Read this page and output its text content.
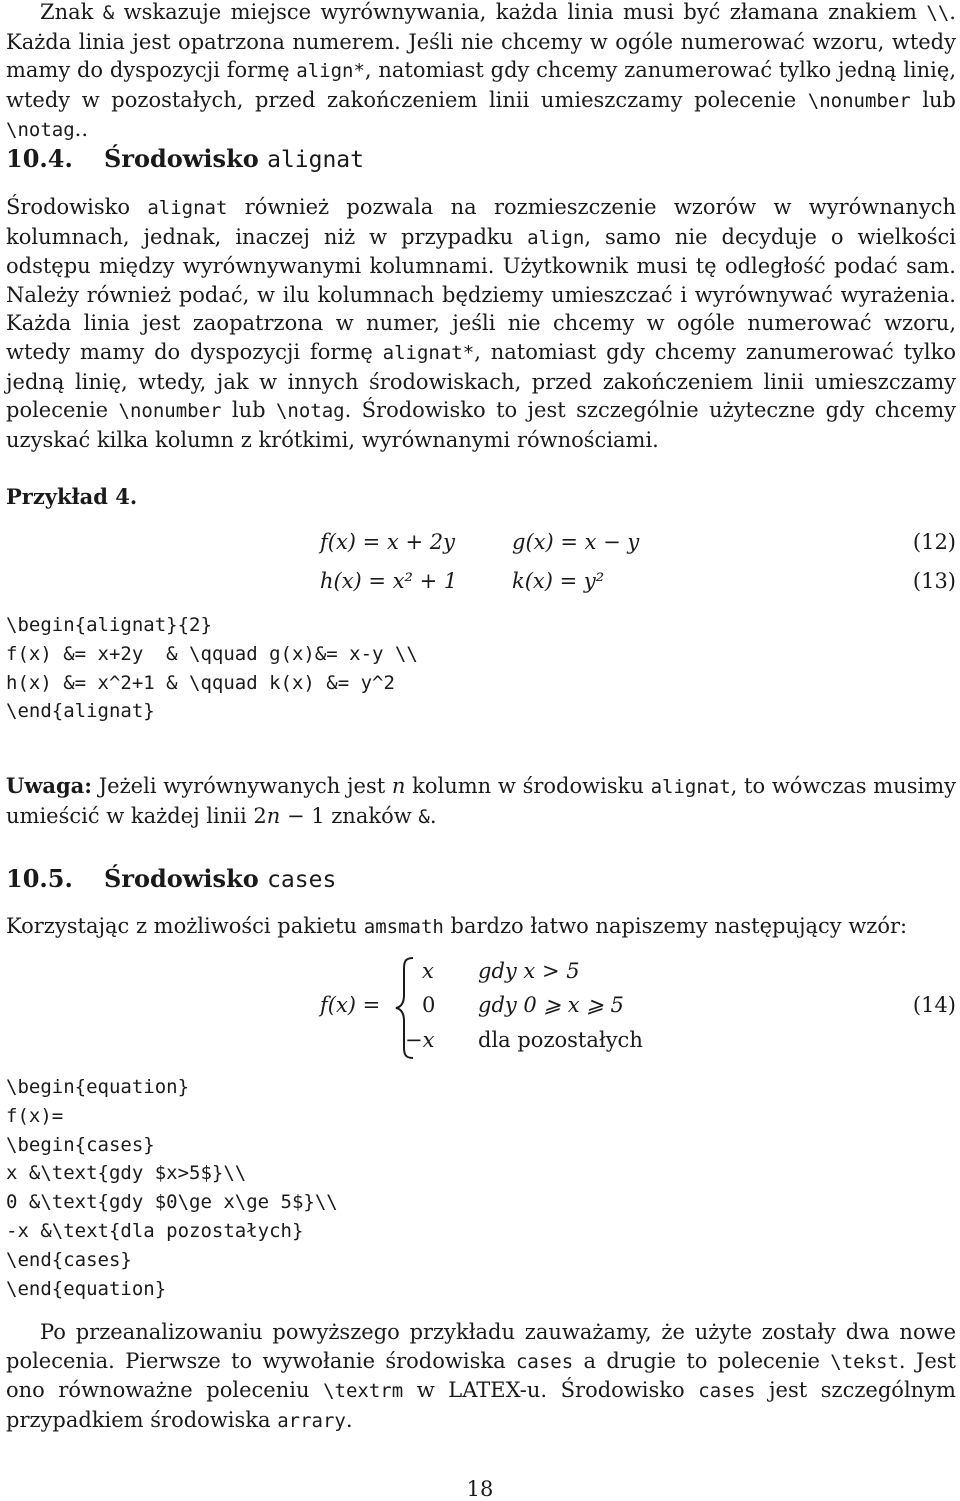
Znak & wskazuje miejsce wyrównywania, każda linia musi być złamana znakiem \\. Każda linia jest opatrzona numerem. Jeśli nie chcemy w ogóle numerować wzoru, wtedy mamy do dyspozycji formę align*, natomiast gdy chcemy zanumerować tylko jedną linię, wtedy w pozostałych, przed zakończeniem linii umieszczamy polecenie \nonumber lub \notag..
10.4. Środowisko alignat
Środowisko alignat również pozwala na rozmieszczenie wzorów w wyrównanych kolumnach, jednak, inaczej niż w przypadku align, samo nie decyduje o wielkości odstępu między wyrównywanymi kolumnami. Użytkownik musi tę odległość podać sam. Należy również podać, w ilu kolumnach będziemy umieszczać i wyrównywać wyrażenia. Każda linia jest zaopatrzona w numer, jeśli nie chcemy w ogóle numerować wzoru, wtedy mamy do dyspozycji formę alignat*, natomiast gdy chcemy zanumerować tylko jedną linię, wtedy, jak w innych środowiskach, przed zakończeniem linii umieszczamy polecenie \nonumber lub \notag. Środowisko to jest szczególnie użyteczne gdy chcemy uzyskać kilka kolumn z krótkimi, wyrównanymi równościami.
Przykład 4.
f(x) = x + 2y	g(x) = x − y	(12)
h(x) = x² + 1	k(x) = y²	(13)
\begin{alignat}{2}
f(x) &= x+2y  & \qquad g(x)&= x-y \\
h(x) &= x^2+1 & \qquad k(x) &= y^2
\end{alignat}
Uwaga: Jeżeli wyrównywanych jest n kolumn w środowisku alignat, to wówczas musimy umieścić w każdej linii 2n − 1 znaków &.
10.5. Środowisko cases
Korzystając z możliwości pakietu amsmath bardzo łatwo napiszemy następujący wzór:
f(x) =
x gdy x > 5
0 gdy 0 ⩾ x ⩾ 5
−x dla pozostałych
(14)
\begin{equation}
f(x)=
\begin{cases}
x &\text{gdy $x>5$}\\
0 &\text{gdy $0\ge x\ge 5$}\\
-x &\text{dla pozostałych}
\end{cases}
\end{equation}
Po przeanalizowaniu powyższego przykładu zauważamy, że użyte zostały dwa nowe polecenia. Pierwsze to wywołanie środowiska cases a drugie to polecenie \tekst. Jest ono równoważne poleceniu \textrm w LATEX-u. Środowisko cases jest szczególnym przypadkiem środowiska arrary.
18
